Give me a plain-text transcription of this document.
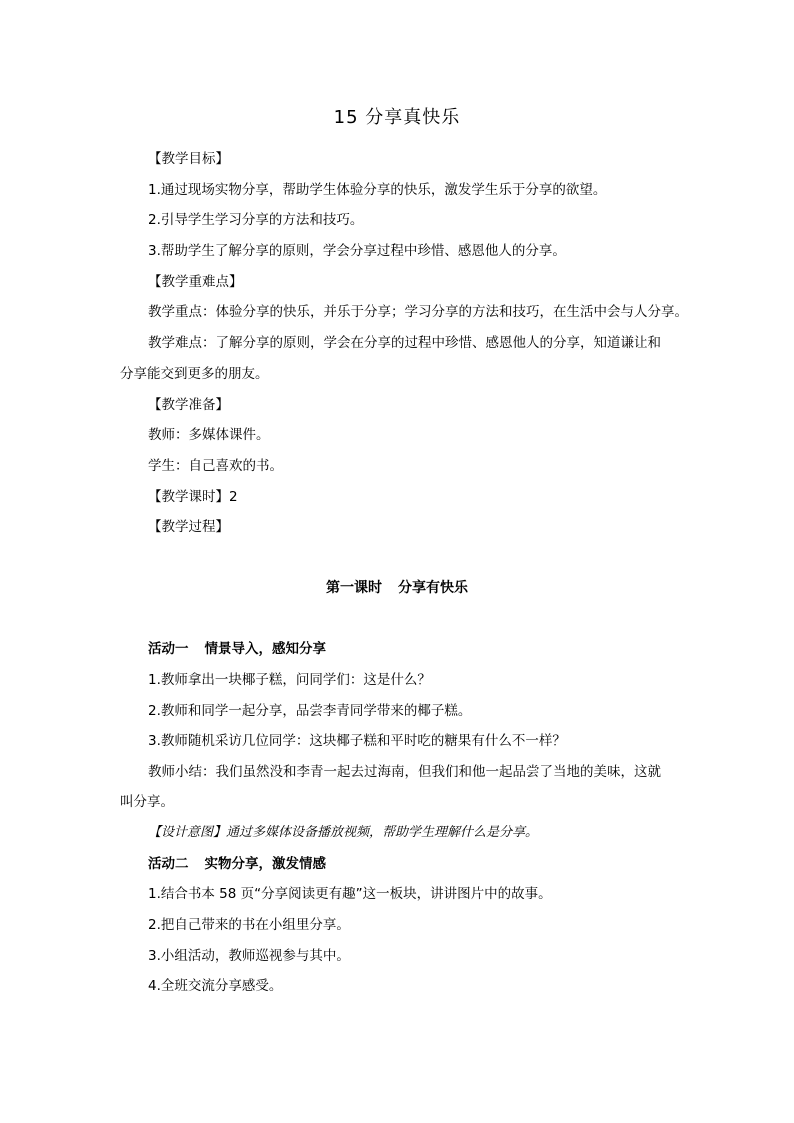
15 分享真快乐
【教学目标】
1.通过现场实物分享，帮助学生体验分享的快乐，激发学生乐于分享的欲望。
2.引导学生学习分享的方法和技巧。
3.帮助学生了解分享的原则，学会分享过程中珍惜、感恩他人的分享。
【教学重难点】
教学重点：体验分享的快乐，并乐于分享；学习分享的方法和技巧，在生活中会与人分享。
教学难点：了解分享的原则，学会在分享的过程中珍惜、感恩他人的分享，知道谦让和
分享能交到更多的朋友。
【教学准备】
教师：多媒体课件。
学生：自己喜欢的书。
【教学课时】2
【教学过程】
第一课时 分享有快乐
活动一 情景导入，感知分享
1.教师拿出一块椰子糕，问同学们：这是什么？
2.教师和同学一起分享，品尝李青同学带来的椰子糕。
3.教师随机采访几位同学：这块椰子糕和平时吃的糖果有什么不一样？
教师小结：我们虽然没和李青一起去过海南，但我们和他一起品尝了当地的美味，这就
叫分享。
【设计意图】通过多媒体设备播放视频，帮助学生理解什么是分享。
活动二 实物分享，激发情感
1.结合书本 58 页“分享阅读更有趣”这一板块，讲讲图片中的故事。
2.把自己带来的书在小组里分享。
3.小组活动，教师巡视参与其中。
4.全班交流分享感受。
